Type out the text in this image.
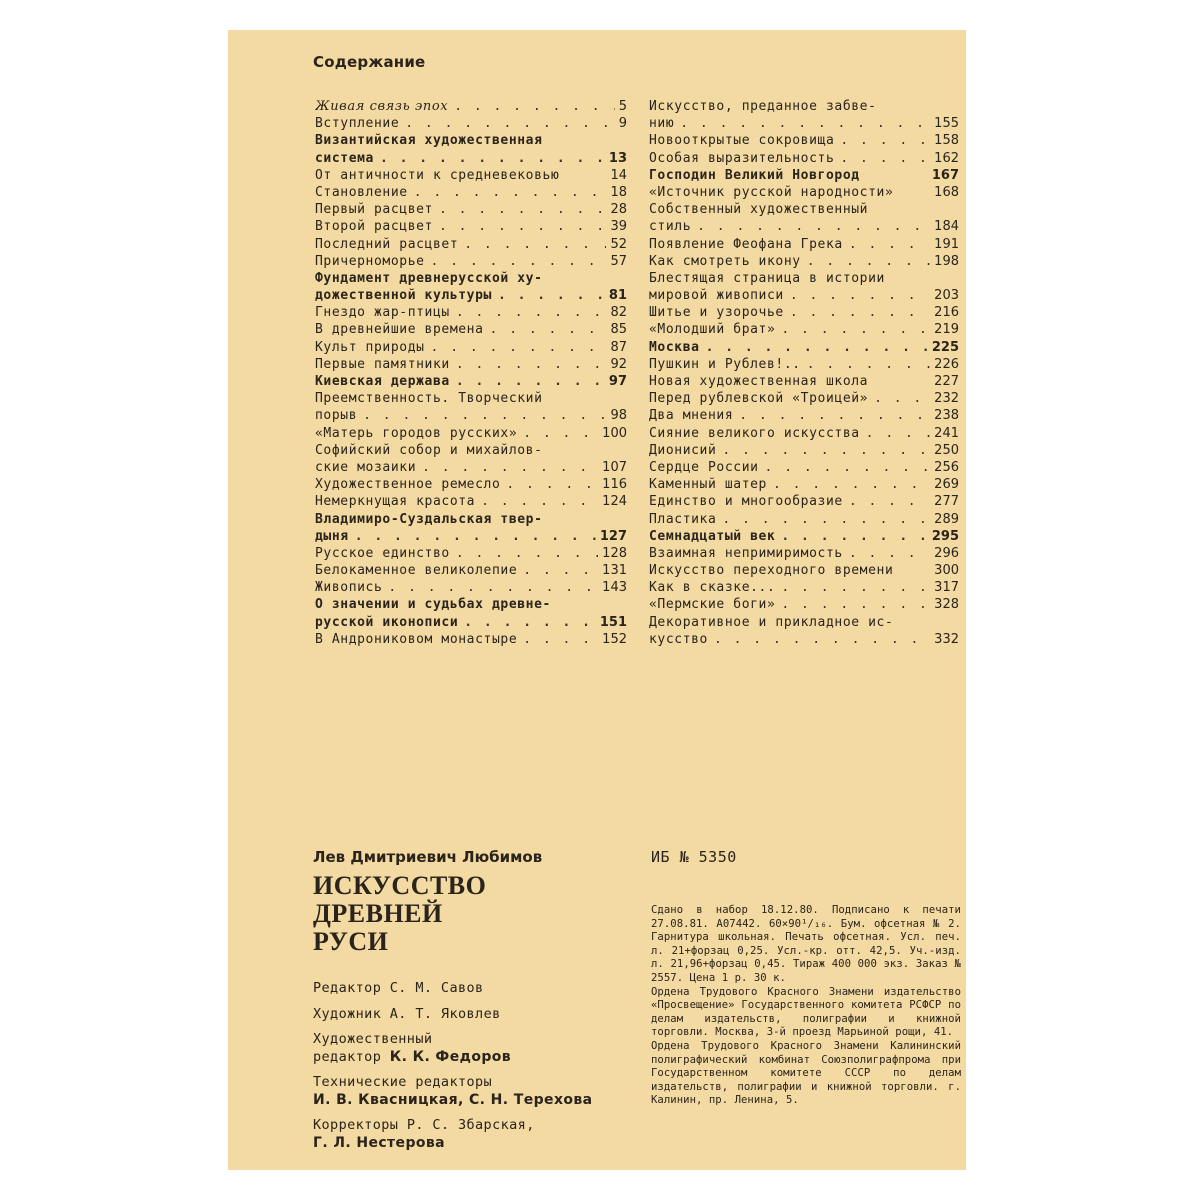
Содержание
Живая связь эпох . . .	5
Вступление . . .	9
Византийская художественная
система . . .	13
От античности к средневековью	14
Становление . . .	18
Первый расцвет . . .	28
Второй расцвет . . .	39
Последний расцвет . . .	52
Причерноморье . . .	57
Фундамент древнерусской ху-
дожественной культуры . . .	81
Гнездо жар-птицы . . .	82
В древнейшие времена . . .	85
Культ природы . . .	87
Первые памятники . . .	92
Киевская держава . . .	97
Преемственность. Творческий
порыв . . .	98
«Матерь городов русских» . . .	100
Софийский собор и михайлов-
ские мозаики . . .	107
Художественное ремесло . . .	116
Немеркнущая красота . . .	124
Владимиро-Суздальская твер-
дыня . . .	127
Русское единство . . .	128
Белокаменное великолепие . . .	131
Живопись . . .	143
О значении и судьбах древне-
русской иконописи . . .	151
В Андрониковом монастыре . . .	152
Искусство, преданное забве-
нию . . .	155
Новооткрытые сокровища . . .	158
Особая выразительность . . .	162
Господин Великий Новгород	167
«Источник русской народности»	168
Собственный художественный
стиль . . .	184
Появление Феофана Грека . . .	191
Как смотреть икону . . .	198
Блестящая страница в истории
мировой живописи . . .	203
Шитье и узорочье . . .	216
«Молодший брат» . . .	219
Москва . . .	225
Пушкин и Рублев!.. . . .	226
Новая художественная школа	227
Перед рублевской «Троицей» . . .	232
Два мнения . . .	238
Сияние великого искусства . . .	241
Дионисий . . .	250
Сердце России . . .	256
Каменный шатер . . .	269
Единство и многообразие . . .	277
Пластика . . .	289
Семнадцатый век . . .	295
Взаимная непримиримость . . .	296
Искусство переходного времени	300
Как в сказке... . . .	317
«Пермские боги» . . .	328
Декоративное и прикладное ис-
кусство . . .	332
Лев Дмитриевич Любимов
ИСКУССТВО ДРЕВНЕЙ
РУСИ
Редактор С. М. Савов
Художник А. Т. Яковлев
Художественный
редактор К. К. Федоров
Технические редакторы
И. В. Квасницкая, С. Н. Терехова
Корректоры Р. С. Збарская,
Г. Л. Нестерова
ИБ № 5350

Сдано в набор 18.12.80. Подписано к печати 27.08.81. А07442. 60×90¹/₁₆. Бум. офсетная № 2. Гарнитура школьная. Печать офсетная. Усл. печ. л. 21+форзац 0,25. Усл.-кр. отт. 42,5. Уч.-изд. л. 21,96+форзац 0,45. Тираж 400 000 экз. Заказ № 2557. Цена 1 р. 30 к.

Ордена Трудового Красного Знамени издательство «Просвещение» Государственного комитета РСФСР по делам издательств, полиграфии и книжной торговли. Москва, 3-й проезд Марьиной рощи, 41.

Ордена Трудового Красного Знамени Калининский полиграфический комбинат Союзполиграфпрома при Государственном комитете СССР по делам издательств, полиграфии и книжной торговли. г. Калинин, пр. Ленина, 5.
